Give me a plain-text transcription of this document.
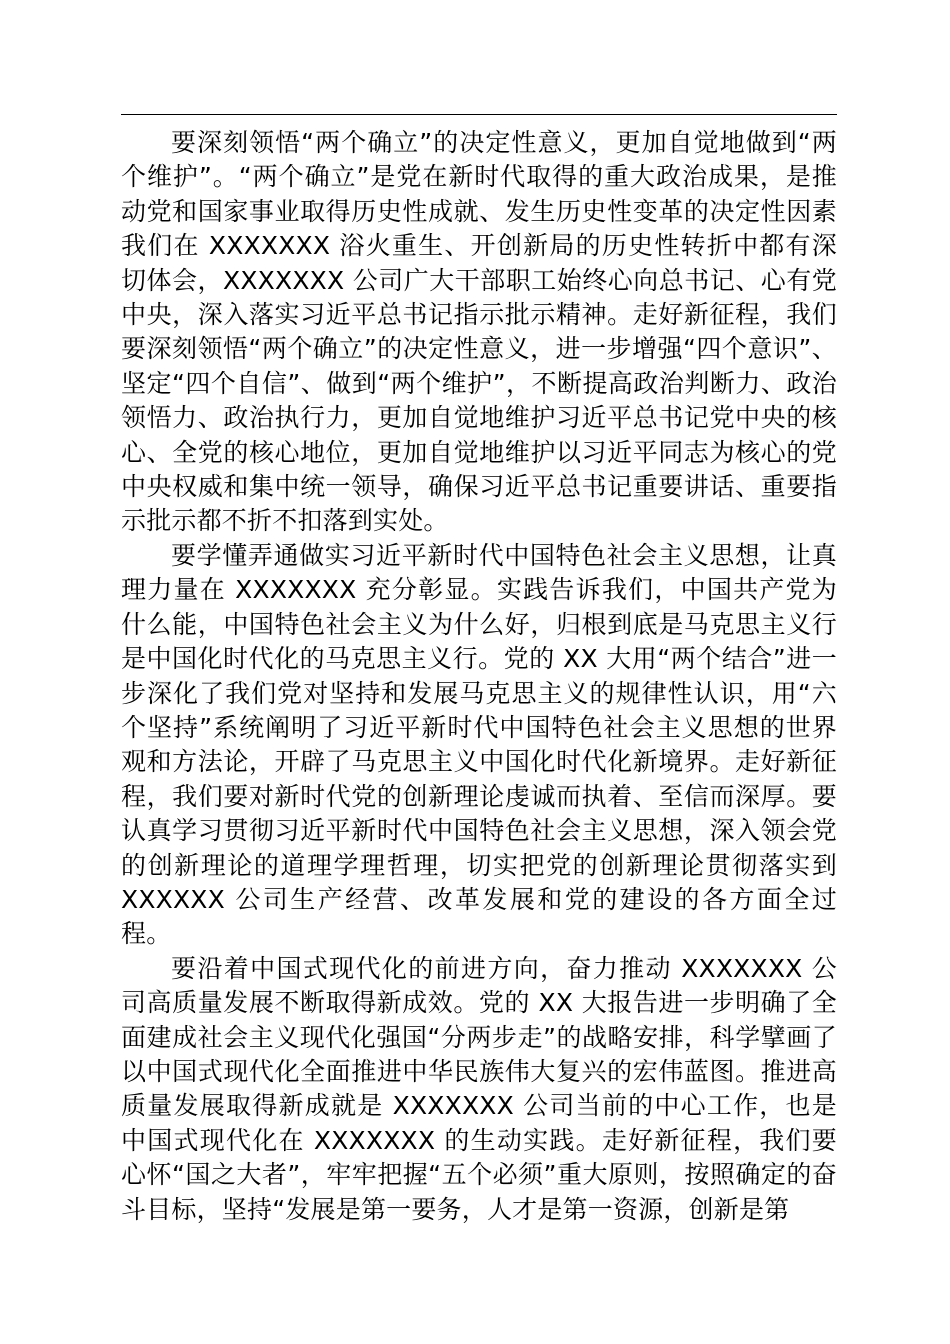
要深刻领悟“两个确立”的决定性意义，更加自觉地做到“两个维护”。“两个确立”是党在新时代取得的重大政治成果，是推动党和国家事业取得历史性成就、发生历史性变革的决定性因素我们在 XXXXXXX 浴火重生、开创新局的历史性转折中都有深切体会，XXXXXXX 公司广大干部职工始终心向总书记、心有党中央，深入落实习近平总书记指示批示精神。走好新征程，我们要深刻领悟“两个确立”的决定性意义，进一步增强“四个意识”、坚定“四个自信”、做到“两个维护”，不断提高政治判断力、政治领悟力、政治执行力，更加自觉地维护习近平总书记党中央的核心、全党的核心地位，更加自觉地维护以习近平同志为核心的党中央权威和集中统一领导，确保习近平总书记重要讲话、重要指示批示都不折不扣落到实处。

要学懂弄通做实习近平新时代中国特色社会主义思想，让真理力量在 XXXXXXX 充分彰显。实践告诉我们，中国共产党为什么能，中国特色社会主义为什么好，归根到底是马克思主义行是中国化时代化的马克思主义行。党的 XX 大用“两个结合”进一步深化了我们党对坚持和发展马克思主义的规律性认识，用“六个坚持”系统阐明了习近平新时代中国特色社会主义思想的世界观和方法论，开辟了马克思主义中国化时代化新境界。走好新征程，我们要对新时代党的创新理论虔诚而执着、至信而深厚。要认真学习贯彻习近平新时代中国特色社会主义思想，深入领会党的创新理论的道理学理哲理，切实把党的创新理论贯彻落实到 XXXXXX 公司生产经营、改革发展和党的建设的各方面全过程。

要沿着中国式现代化的前进方向，奋力推动 XXXXXXX 公司高质量发展不断取得新成效。党的 XX 大报告进一步明确了全面建成社会主义现代化强国“分两步走”的战略安排，科学擘画了以中国式现代化全面推进中华民族伟大复兴的宏伟蓝图。推进高质量发展取得新成就是 XXXXXXX 公司当前的中心工作，也是中国式现代化在 XXXXXXX 的生动实践。走好新征程，我们要心怀“国之大者”，牢牢把握“五个必须”重大原则，按照确定的奋斗目标，坚持“发展是第一要务，人才是第一资源，创新是第
